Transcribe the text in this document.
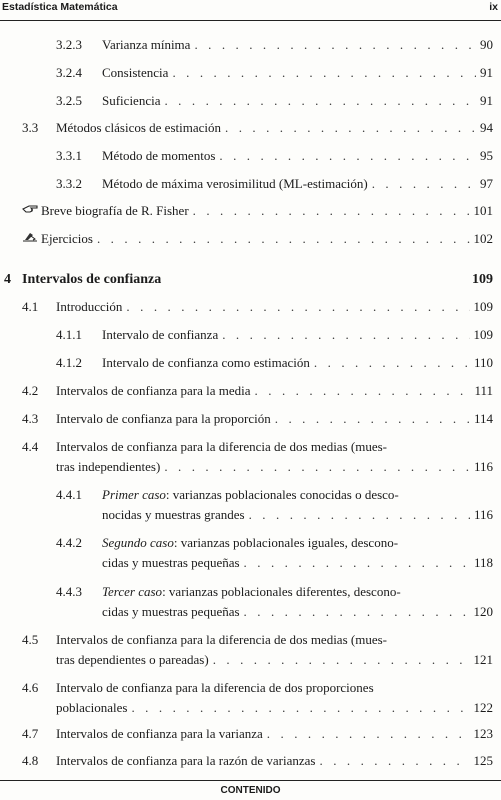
Estadística Matemática	ix
3.2.3	Varianza mínima . . .	90
3.2.4	Consistencia . . .	91
3.2.5	Suficiencia . . .	91
3.3	Métodos clásicos de estimación . . .	94
3.3.1	Método de momentos . . .	95
3.3.2	Método de máxima verosimilitud (ML-estimación) . . .	97
Breve biografía de R. Fisher . . .	101
Ejercicios . . .	102
4 Intervalos de confianza	109
4.1	Introducción . . .	109
4.1.1	Intervalo de confianza . . .	109
4.1.2	Intervalo de confianza como estimación . . .	110
4.2	Intervalos de confianza para la media . . .	111
4.3	Intervalo de confianza para la proporción . . .	114
4.4	Intervalos de confianza para la diferencia de dos medias (mues-
tras independientes) . . .	116
4.4.1	Primer caso: varianzas poblacionales conocidas o desco-
nocidas y muestras grandes . . .	116
4.4.2	Segundo caso: varianzas poblacionales iguales, descono-
cidas y muestras pequeñas . . .	118
4.4.3	Tercer caso: varianzas poblacionales diferentes, descono-
cidas y muestras pequeñas . . .	120
4.5	Intervalos de confianza para la diferencia de dos medias (mues-
tras dependientes o pareadas) . . .	121
4.6	Intervalo de confianza para la diferencia de dos proporciones
poblacionales . . .	122
4.7	Intervalos de confianza para la varianza . . .	123
4.8	Intervalos de confianza para la razón de varianzas . . .	125
CONTENIDO
